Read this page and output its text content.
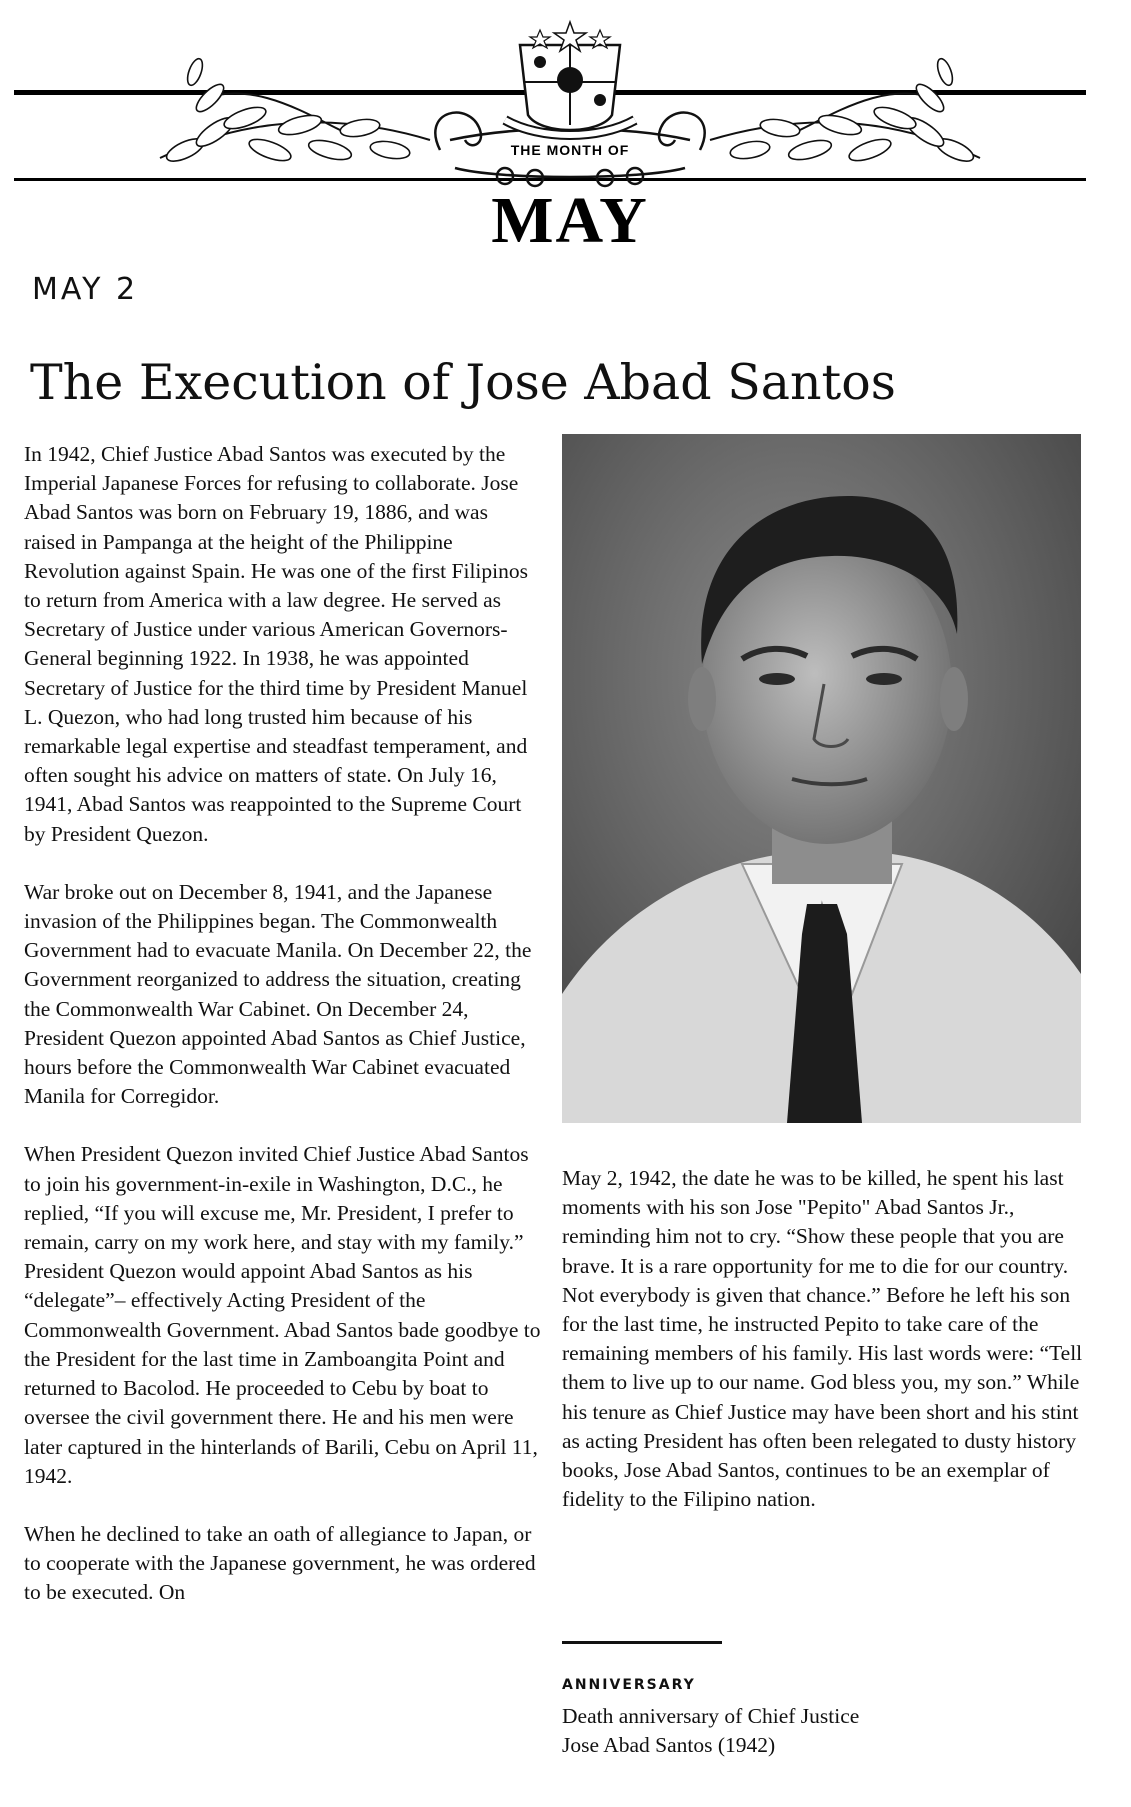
THE MONTH OF
MAY
MAY 2
The Execution of Jose Abad Santos

In 1942, Chief Justice Abad Santos was executed by the Imperial Japanese Forces for refusing to collaborate. Jose Abad Santos was born on February 19, 1886, and was raised in Pampanga at the height of the Philippine Revolution against Spain. He was one of the first Filipinos to return from America with a law degree. He served as Secretary of Justice under various American Governors-General beginning 1922. In 1938, he was appointed Secretary of Justice for the third time by President Manuel L. Quezon, who had long trusted him because of his remarkable legal expertise and steadfast temperament, and often sought his advice on matters of state. On July 16, 1941, Abad Santos was reappointed to the Supreme Court by President Quezon.

War broke out on December 8, 1941, and the Japanese invasion of the Philippines began. The Commonwealth Government had to evacuate Manila. On December 22, the Government reorganized to address the situation, creating the Commonwealth War Cabinet. On December 24, President Quezon appointed Abad Santos as Chief Justice, hours before the Commonwealth War Cabinet evacuated Manila for Corregidor.

When President Quezon invited Chief Justice Abad Santos to join his government-in-exile in Washington, D.C., he replied, “If you will excuse me, Mr. President, I prefer to remain, carry on my work here, and stay with my family.” President Quezon would appoint Abad Santos as his “delegate”– effectively Acting President of the Commonwealth Government. Abad Santos bade goodbye to the President for the last time in Zamboangita Point and returned to Bacolod. He proceeded to Cebu by boat to oversee the civil government there. He and his men were later captured in the hinterlands of Barili, Cebu on April 11, 1942.

When he declined to take an oath of allegiance to Japan, or to cooperate with the Japanese government, he was ordered to be executed. On

May 2, 1942, the date he was to be killed, he spent his last moments with his son Jose "Pepito" Abad Santos Jr., reminding him not to cry. “Show these people that you are brave. It is a rare opportunity for me to die for our country. Not everybody is given that chance.” Before he left his son for the last time, he instructed Pepito to take care of the remaining members of his family. His last words were: “Tell them to live up to our name. God bless you, my son.” While his tenure as Chief Justice may have been short and his stint as acting President has often been relegated to dusty history books, Jose Abad Santos, continues to be an exemplar of fidelity to the Filipino nation.

ANNIVERSARY
Death anniversary of Chief Justice
Jose Abad Santos (1942)
